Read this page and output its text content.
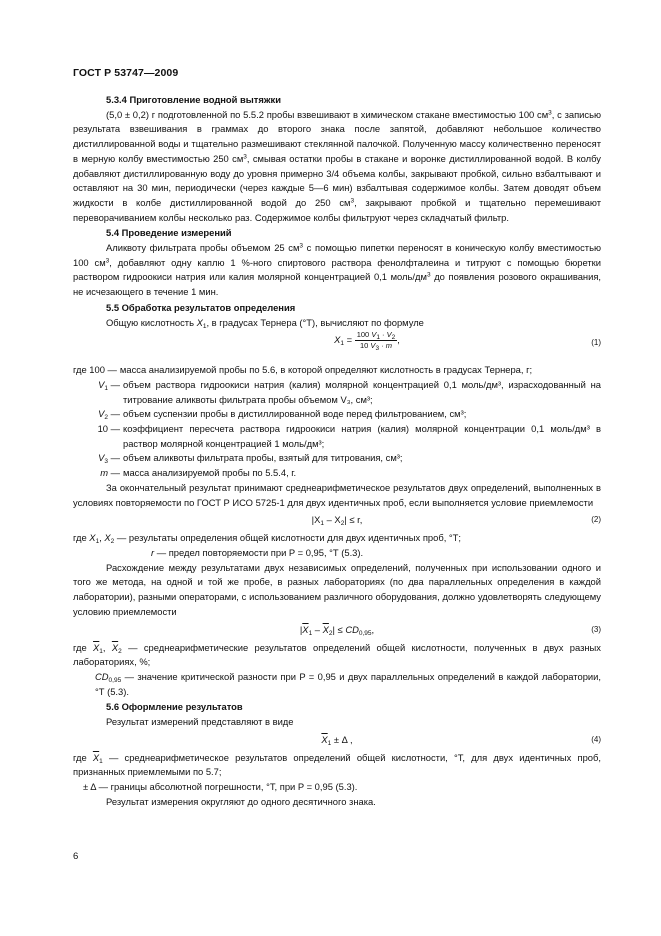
ГОСТ Р 53747—2009

5.3.4 Приготовление водной вытяжки

(5,0 ± 0,2) г подготовленной по 5.5.2 пробы взвешивают в химическом стакане вместимостью 100 $см^3$, с записью результата взвешивания в граммах до второго знака после запятой, добавляют небольшое количество дистиллированной воды и тщательно размешивают стеклянной палочкой. Полученную массу количественно переносят в мерную колбу вместимостью 250 $см^3$, смывая остатки пробы в стакане и воронке дистиллированной водой. В колбу добавляют дистиллированную воду до уровня примерно 3/4 объема колбы, закрывают пробкой, сильно взбалтывают и оставляют на 30 мин, периодически (через каждые 5—6 мин) взбалтывая содержимое колбы. Затем доводят объем жидкости в колбе дистиллированной водой до 250 $см^3$, закрывают пробкой и тщательно перемешивают переворачиванием колбы несколько раз. Содержимое колбы фильтруют через складчатый фильтр.

5.4 Проведение измерений

Аликвоту фильтрата пробы объемом 25 $см^3$ с помощью пипетки переносят в коническую колбу вместимостью 100 $см^3$, добавляют одну каплю 1 %-ного спиртового раствора фенолфталеина и титруют с помощью бюретки раствором гидроокиси натрия или калия молярной концентрацией 0,1 моль/$дм^3$ до появления розового окрашивания, не исчезающего в течение 1 мин.

5.5 Обработка результатов определения

Общую кислотность $X_1$, в градусах Тернера (°Т), вычисляют по формуле

$X_1 = \frac{100 V_1 \cdot V_2}{10 V_3 \cdot m}$ ,	(1)
где 100 — масса анализируемой пробы по 5.6, в которой определяют кислотность в градусах Тернера, г;
$V_1$ — объем раствора гидроокиси натрия (калия) молярной концентрацией 0,1 моль/дм³, израсходованный на титрование аликвоты фильтрата пробы объемом V₃, см³;
$V_2$ — объем суспензии пробы в дистиллированной воде перед фильтрованием, см³;
10 — коэффициент пересчета раствора гидроокиси натрия (калия) молярной концентрации 0,1 моль/дм³ в раствор молярной концентрацией 1 моль/дм³;
$V_3$ — объем аликвоты фильтрата пробы, взятый для титрования, см³;
m — масса анализируемой пробы по 5.5.4, г.

За окончательный результат принимают среднеарифметическое результатов двух определений, выполненных в условиях повторяемости по ГОСТ Р ИСО 5725-1 для двух идентичных проб, если выполняется условие приемлемости

$|X_1 - X_2| \le r$,	(2)

где $X_1$, $X_2$ — результаты определения общей кислотности для двух идентичных проб, °Т;

r — предел повторяемости при P = 0,95, °Т (5.3).

Расхождение между результатами двух независимых определений, полученных при использовании одного и того же метода, на одной и той же пробе, в разных лабораториях (по два параллельных определения в каждой лаборатории), разными операторами, с использованием различного оборудования, должно удовлетворять следующему условию приемлемости

$|\overline{X}_1 - \overline{X}_2| \le CD_{0,95}$,	(3)

где $\overline{X}_1$, $\overline{X}_2$ — среднеарифметические результатов определений общей кислотности, полученных в двух разных лабораториях, %;

$CD_{0,95}$ — значение критической разности при P = 0,95 и двух параллельных определений в каждой лаборатории, °Т (5.3).

5.6 Оформление результатов

Результат измерений представляют в виде

$\overline{X}_1 \pm \Delta$ ,	(4)

где $\overline{X}_1$ — среднеарифметическое результатов определений общей кислотности, °Т, для двух идентичных проб, признанных приемлемыми по 5.7;

± Δ — границы абсолютной погрешности, °Т, при P = 0,95 (5.3).

Результат измерения округляют до одного десятичного знака.

6
